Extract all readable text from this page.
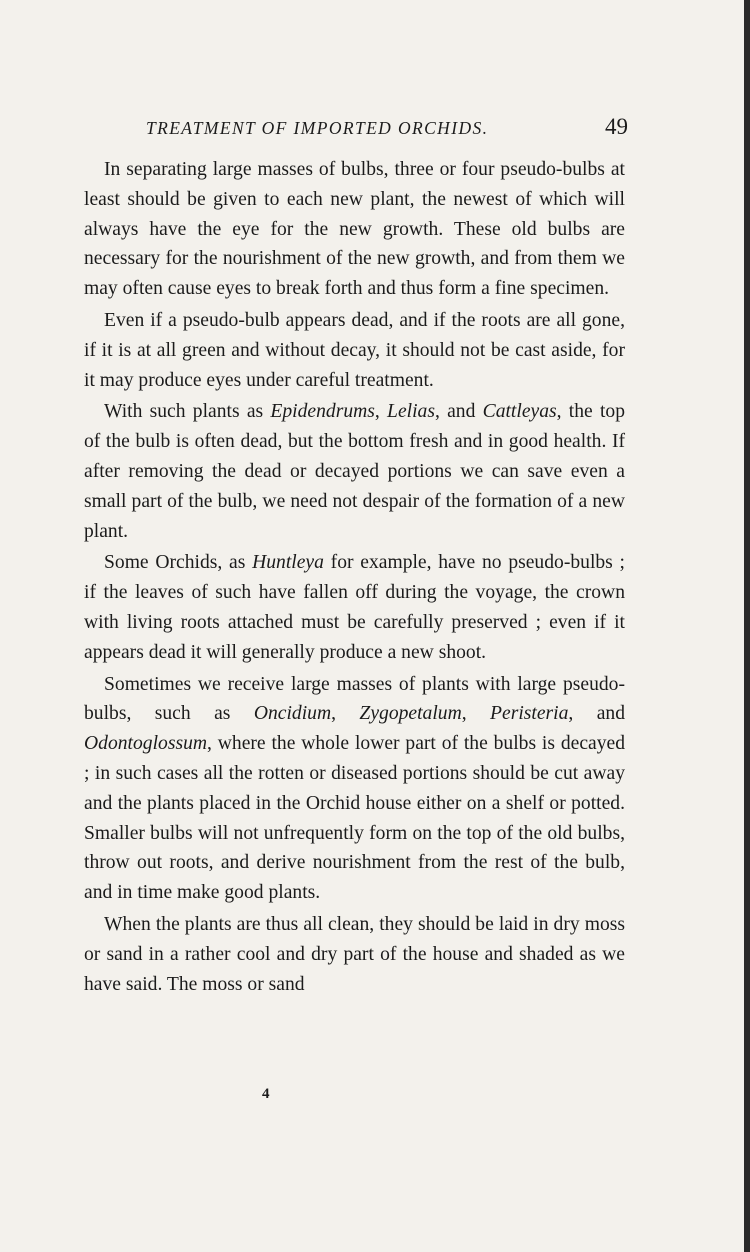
TREATMENT OF IMPORTED ORCHIDS.	49

In separating large masses of bulbs, three or four pseudo-bulbs at least should be given to each new plant, the newest of which will always have the eye for the new growth. These old bulbs are necessary for the nourishment of the new growth, and from them we may often cause eyes to break forth and thus form a fine specimen.

Even if a pseudo-bulb appears dead, and if the roots are all gone, if it is at all green and without decay, it should not be cast aside, for it may produce eyes under careful treatment.

With such plants as Epidendrums, Lelias, and Cattleyas, the top of the bulb is often dead, but the bottom fresh and in good health. If after removing the dead or decayed portions we can save even a small part of the bulb, we need not despair of the formation of a new plant.

Some Orchids, as Huntleya for example, have no pseudo-bulbs ; if the leaves of such have fallen off during the voyage, the crown with living roots attached must be carefully preserved ; even if it appears dead it will generally produce a new shoot.

Sometimes we receive large masses of plants with large pseudo-bulbs, such as Oncidium, Zygopetalum, Peristeria, and Odontoglossum, where the whole lower part of the bulbs is decayed ; in such cases all the rotten or diseased portions should be cut away and the plants placed in the Orchid house either on a shelf or potted. Smaller bulbs will not unfrequently form on the top of the old bulbs, throw out roots, and derive nourishment from the rest of the bulb, and in time make good plants.

When the plants are thus all clean, they should be laid in dry moss or sand in a rather cool and dry part of the house and shaded as we have said. The moss or sand

4
